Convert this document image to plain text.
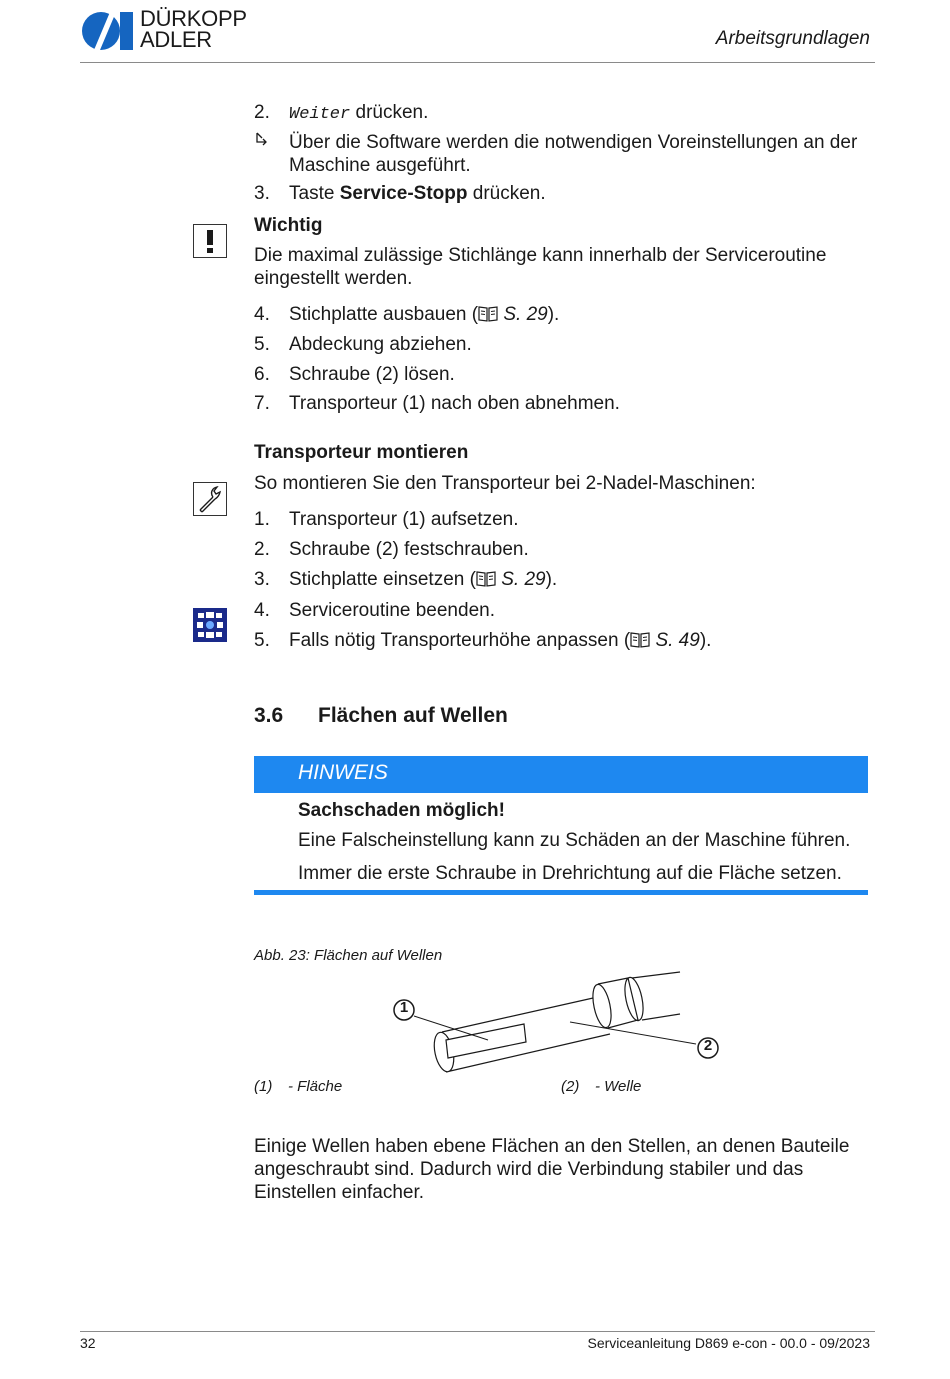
DÜRKOPP
ADLER	Arbeitsgrundlagen
2. Weiter drücken.
Über die Software werden die notwendigen Voreinstellungen an der Maschine ausgeführt.
3. Taste Service-Stopp drücken.
Wichtig
Die maximal zulässige Stichlänge kann innerhalb der Serviceroutine eingestellt werden.
4. Stichplatte ausbauen ( S. 29).
5. Abdeckung abziehen.
6. Schraube (2) lösen.
7. Transporteur (1) nach oben abnehmen.
Transporteur montieren
So montieren Sie den Transporteur bei 2-Nadel-Maschinen:
1. Transporteur (1) aufsetzen.
2. Schraube (2) festschrauben.
3. Stichplatte einsetzen ( S. 29).
4. Serviceroutine beenden.
5. Falls nötig Transporteurhöhe anpassen ( S. 49).
3.6 Flächen auf Wellen
HINWEIS
Sachschaden möglich!
Eine Falscheinstellung kann zu Schäden an der Maschine führen.
Immer die erste Schraube in Drehrichtung auf die Fläche setzen.
Abb. 23: Flächen auf Wellen
1
2
(1) - Fläche	(2) - Welle
Einige Wellen haben ebene Flächen an den Stellen, an denen Bauteile angeschraubt sind. Dadurch wird die Verbindung stabiler und das Einstellen einfacher.
32	Serviceanleitung D869 e-con - 00.0 - 09/2023
